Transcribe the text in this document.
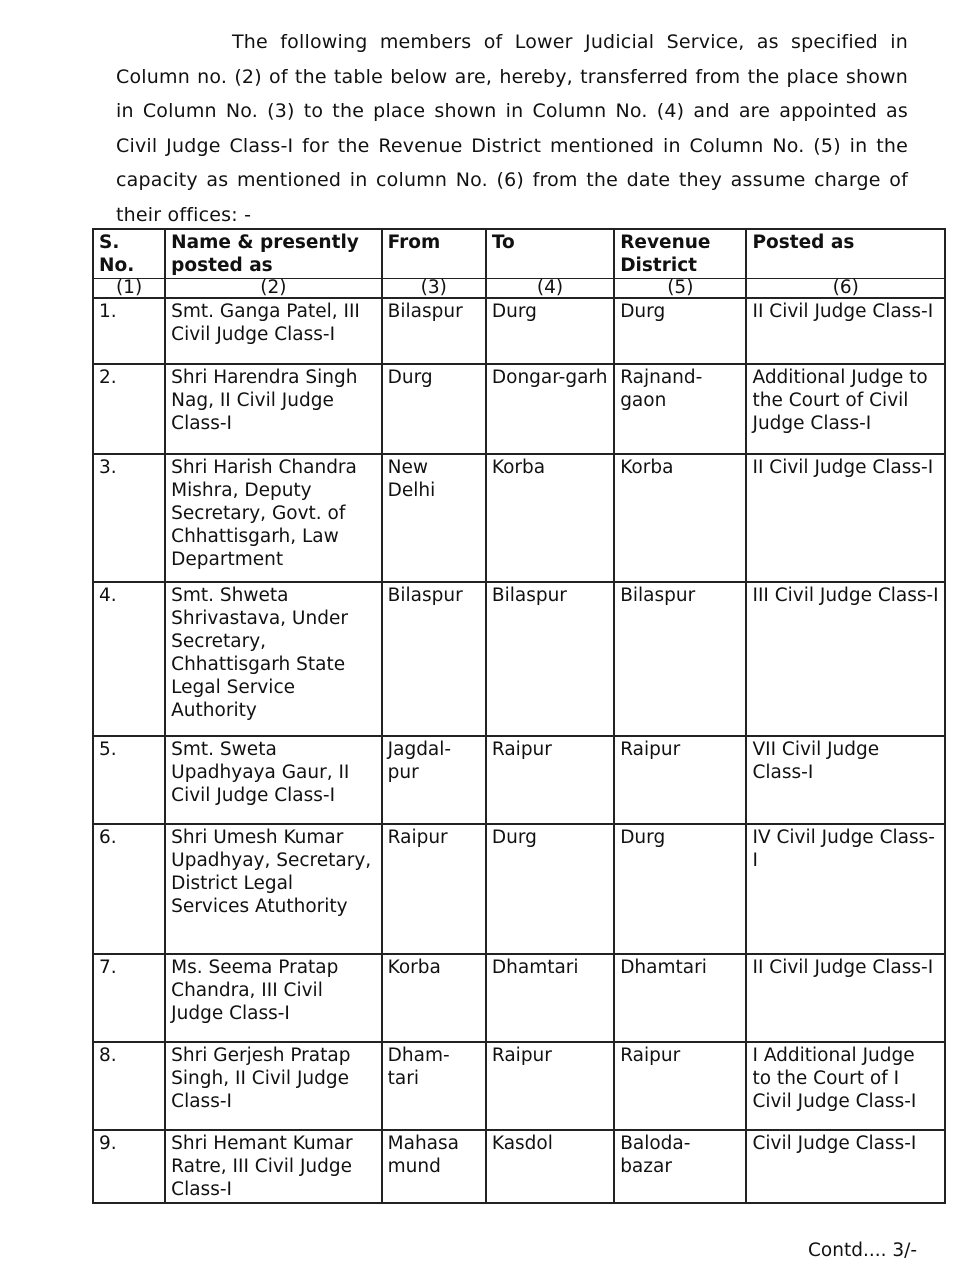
The following members of Lower Judicial Service, as specified in Column no. (2) of the table below are, hereby, transferred from the place shown in Column No. (3) to the place shown in Column No. (4) and are appointed as Civil Judge Class-I for the Revenue District mentioned in Column No. (5) in the capacity as mentioned in column No. (6) from the date they assume charge of their offices: -

S. No.	Name & presently posted as	From	To	Revenue District	Posted as
(1)	(2)	(3)	(4)	(5)	(6)
1.	Smt. Ganga Patel, III Civil Judge Class-I	Bilaspur	Durg	Durg	II Civil Judge Class-I
2.	Shri Harendra Singh Nag, II Civil Judge Class-I	Durg	Dongar-garh	Rajnand-gaon	Additional Judge to the Court of Civil Judge Class-I
3.	Shri Harish Chandra Mishra, Deputy Secretary, Govt. of Chhattisgarh, Law Department	New Delhi	Korba	Korba	II Civil Judge Class-I
4.	Smt. Shweta Shrivastava, Under Secretary, Chhattisgarh State Legal Service Authority	Bilaspur	Bilaspur	Bilaspur	III Civil Judge Class-I
5.	Smt. Sweta Upadhyaya Gaur, II Civil Judge Class-I	Jagdal-pur	Raipur	Raipur	VII Civil Judge Class-I
6.	Shri Umesh Kumar Upadhyay, Secretary, District Legal Services Atuthority	Raipur	Durg	Durg	IV Civil Judge Class-I
7.	Ms. Seema Pratap Chandra, III Civil Judge Class-I	Korba	Dhamtari	Dhamtari	II Civil Judge Class-I
8.	Shri Gerjesh Pratap Singh, II Civil Judge Class-I	Dham-tari	Raipur	Raipur	I Additional Judge to the Court of I Civil Judge Class-I
9.	Shri Hemant Kumar Ratre, III Civil Judge Class-I	Mahasa mund	Kasdol	Baloda-bazar	Civil Judge Class-I
Contd.... 3/-
